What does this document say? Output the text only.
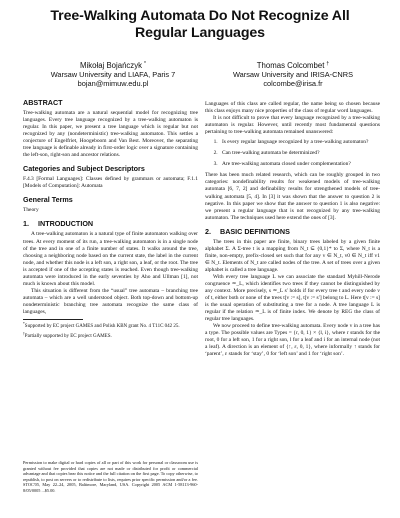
Tree-Walking Automata Do Not Recognize All Regular Languages
Mikołaj Bojańczyk *
Warsaw University and LIAFA, Paris 7
bojan@mimuw.edu.pl
Thomas Colcombet †
Warsaw University and IRISA-CNRS
colcombe@irisa.fr
ABSTRACT

Tree-walking automata are a natural sequential model for recognizing tree languages. Every tree language recognized by a tree-walking automaton is regular. In this paper, we present a tree language which is regular but not recognized by any (nondeterministic) tree-walking automaton. This settles a conjecture of Engelfriet, Hoogeboom and Van Best. Moreover, the separating tree language is definable already in first-order logic over a signature containing the left-son, right-son and ancestor relations.

Categories and Subject Descriptors

F.4.3 [Formal Languages]: Classes defined by grammars or automata; F.1.1 [Models of Computation]: Automata

General Terms

Theory

1. INTRODUCTION

A tree-walking automaton is a natural type of finite automaton walking over trees. At every moment of its run, a tree-walking automaton is in a single node of the tree and in one of a finite number of states. It walks around the tree, choosing a neighboring node based on the current state, the label in the current node, and whether this node is a left son, a right son, a leaf, or the root. The tree is accepted if one of the accepting states is reached. Even though tree-walking automata were introduced in the early seventies by Aho and Ullman [1], not much is known about this model.

This situation is different from the “usual” tree automata – branching tree automata – which are a well understood object. Both top-down and bottom-up nondeterministic branching tree automata recognize the same class of languages,

*Supported by EC project GAMES and Polish KBN grant No. 4 T11C 042 25.
†Partially supported by EC project GAMES.
Permission to make digital or hard copies of all or part of this work for personal or classroom use is granted without fee provided that copies are not made or distributed for profit or commercial advantage and that copies bear this notice and the full citation on the first page. To copy otherwise, to republish, to post on servers or to redistribute to lists, requires prior specific permission and/or a fee. STOC'05, May 22–24, 2005, Baltimore, Maryland, USA. Copyright 2005 ACM 1-58113-960-8/05/0005 ...$5.00.

Languages of this class are called regular, the name being so chosen because this class enjoys many nice properties of the class of regular word languages.

It is not difficult to prove that every language recognized by a tree-walking automaton is regular. However, until recently most fundamental questions pertaining to tree-walking automata remained unanswered:

1. Is every regular language recognized by a tree-walking automaton?
2. Can tree-walking automata be determinized?
3. Are tree-walking automata closed under complementation?

There has been much related research, which can be roughly grouped in two categories: nondefinability results for weakened models of tree-walking automata [6, 7, 2] and definability results for strengthened models of tree-walking automata [5, 4]. In [3] it was shown that the answer to question 2 is negative. In this paper we show that the answer to question 1 is also negative: we present a regular language that is not recognized by any tree-walking automaton. The techniques used here extend the ones of [3].

2. BASIC DEFINITIONS

The trees in this paper are finite, binary trees labeled by a given finite alphabet Σ. A Σ-tree t is a mapping from N_t ⊆ {0,1}* to Σ, where N_t is a finite, non-empty, prefix-closed set such that for any v ∈ N_t, v0 ∈ N_t iff v1 ∈ N_t. Elements of N_t are called nodes of the tree. A set of trees over a given alphabet is called a tree language.

With every tree language L we can associate the standard Myhill-Nerode congruence ≃_L, which identifies two trees if they cannot be distinguished by any context. More precisely, s ≃_L s′ holds if for every tree t and every node v of t, either both or none of the trees t[v := s], t[v := s′] belong to L. Here t[v := s] is the usual operation of substituting a tree for a node. A tree language L is regular if the relation ≃_L is of finite index. We denote by REG the class of regular tree languages.

We now proceed to define tree-walking automata. Every node v in a tree has a type. The possible values are Types = {r, 0, 1} × {l, i}, where r stands for the root, 0 for a left son, 1 for a right son, l for a leaf and i for an internal node (not a leaf). A direction is an element of {↑, ε, 0, 1}, where informally ↑ stands for ‘parent’, ε stands for ‘stay’, 0 for ‘left son’ and 1 for ‘right son’.
